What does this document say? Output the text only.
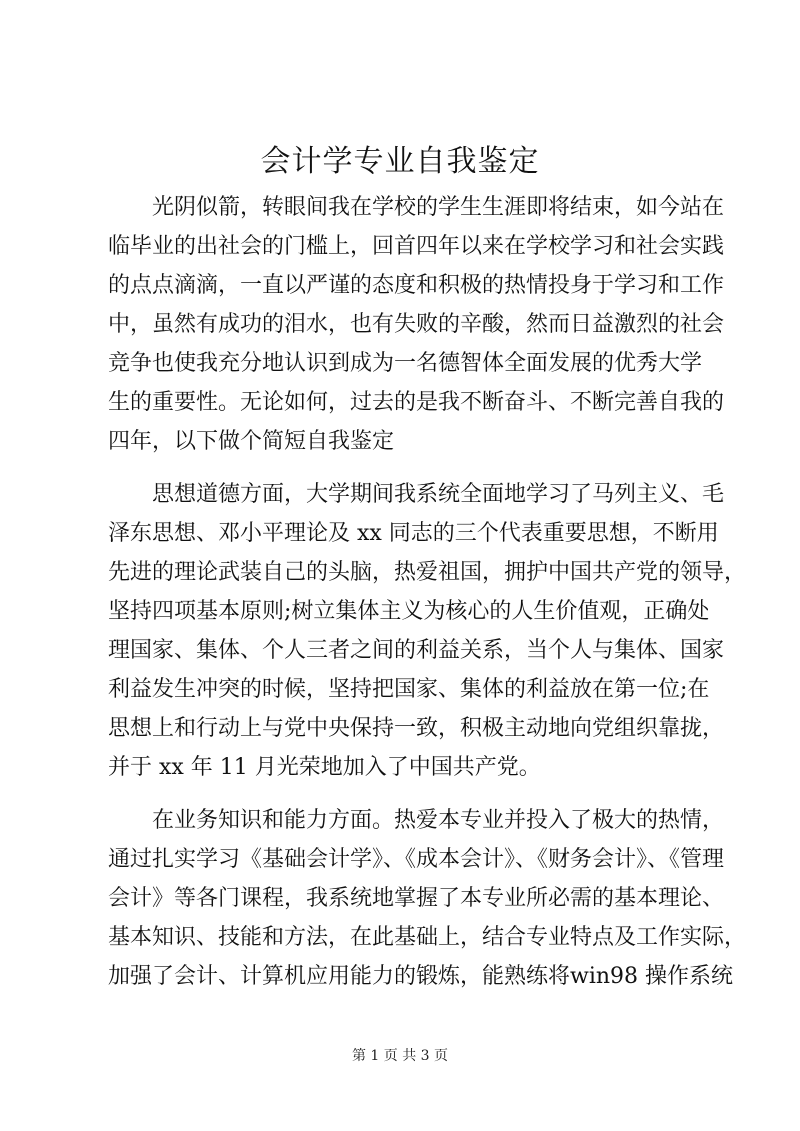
会计学专业自我鉴定
光阴似箭，转眼间我在学校的学生生涯即将结束，如今站在
临毕业的出社会的门槛上，回首四年以来在学校学习和社会实践
的点点滴滴，一直以严谨的态度和积极的热情投身于学习和工作
中，虽然有成功的泪水，也有失败的辛酸，然而日益激烈的社会
竞争也使我充分地认识到成为一名德智体全面发展的优秀大学
生的重要性。无论如何，过去的是我不断奋斗、不断完善自我的
四年，以下做个简短自我鉴定
思想道德方面，大学期间我系统全面地学习了马列主义、毛
泽东思想、邓小平理论及 xx 同志的三个代表重要思想，不断用
先进的理论武装自己的头脑，热爱祖国，拥护中国共产党的领导，
坚持四项基本原则;树立集体主义为核心的人生价值观，正确处
理国家、集体、个人三者之间的利益关系，当个人与集体、国家
利益发生冲突的时候，坚持把国家、集体的利益放在第一位;在
思想上和行动上与党中央保持一致，积极主动地向党组织靠拢，
并于 xx 年 11 月光荣地加入了中国共产党。
在业务知识和能力方面。热爱本专业并投入了极大的热情，
通过扎实学习《基础会计学》、《成本会计》、《财务会计》、《管理
会计》等各门课程，我系统地掌握了本专业所必需的基本理论、
基本知识、技能和方法，在此基础上，结合专业特点及工作实际，
加强了会计、计算机应用能力的锻炼，能熟练将win98 操作系统
第 1 页 共 3 页
